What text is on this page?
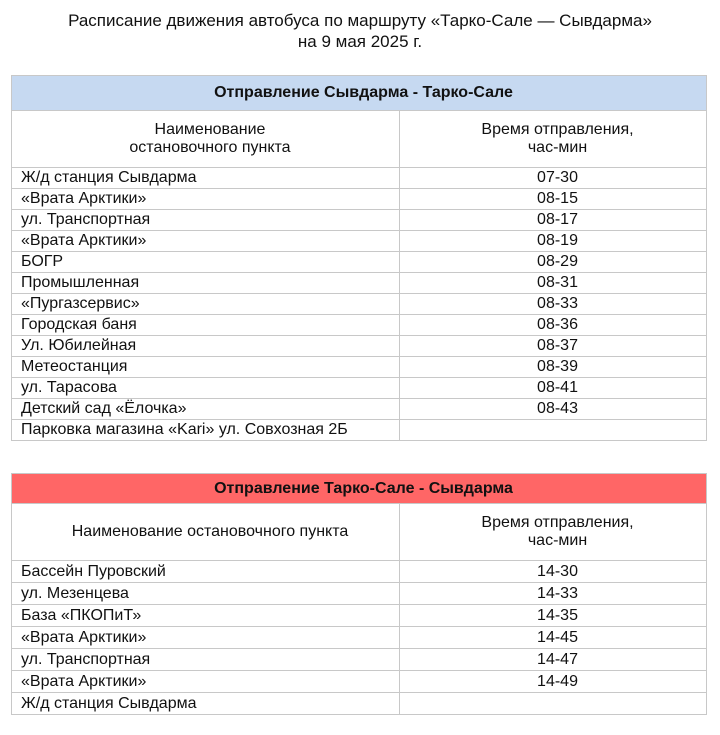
Расписание движения автобуса по маршруту «Тарко-Сале — Сывдарма»
на 9 мая 2025 г.
Отправление Сывдарма - Тарко-Сале	
Наименование
остановочного пункта	Время отправления,
час-мин
Ж/д станция Сывдарма	07-30
«Врата Арктики»	08-15
ул. Транспортная	08-17
«Врата Арктики»	08-19
БОГР	08-29
Промышленная	08-31
«Пургазсервис»	08-33
Городская баня	08-36
Ул. Юбилейная	08-37
Метеостанция	08-39
ул. Тарасова	08-41
Детский сад «Ёлочка»	08-43
Парковка магазина «Kari» ул. Совхозная 2Б	
Отправление Тарко-Сале - Сывдарма	
Наименование остановочного пункта	Время отправления,
час-мин
Бассейн Пуровский	14-30
ул. Мезенцева	14-33
База «ПКОПиТ»	14-35
«Врата Арктики»	14-45
ул. Транспортная	14-47
«Врата Арктики»	14-49
Ж/д станция Сывдарма	
